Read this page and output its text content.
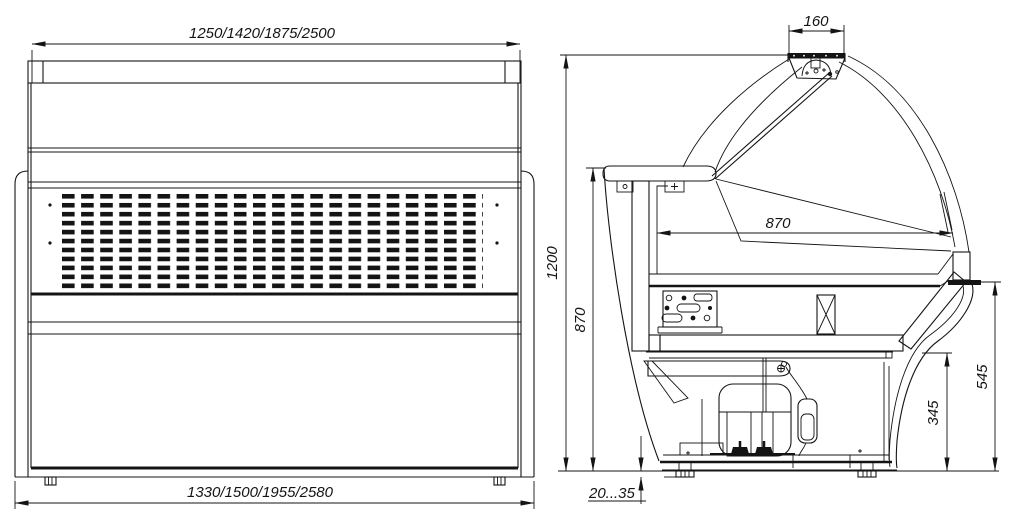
1250/1420/1875/2500
1330/1500/1955/2580
1200
870
160
870
545
345
20...35
